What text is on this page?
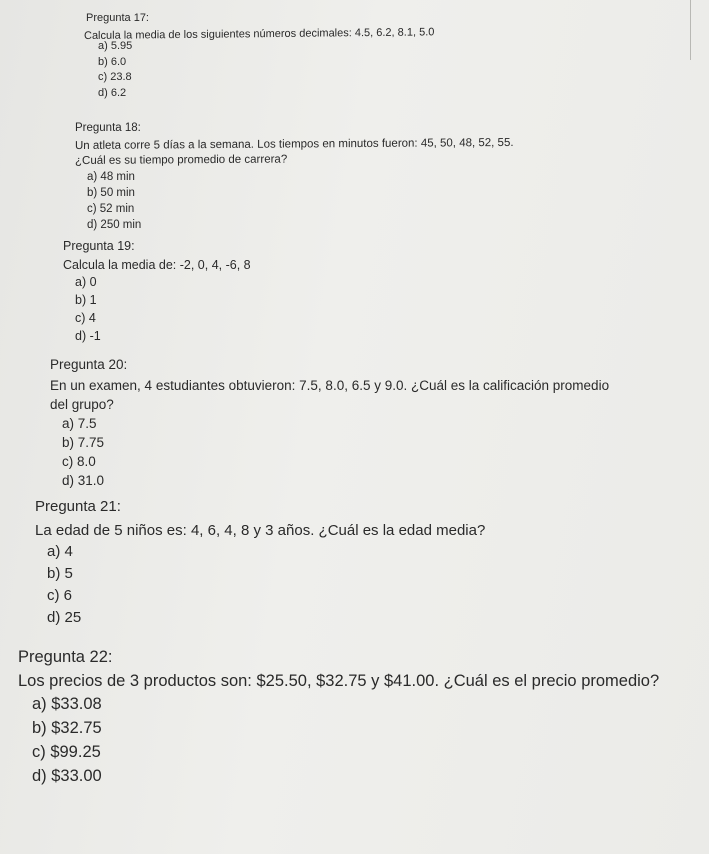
Pregunta 17:
Calcula la media de los siguientes números decimales: 4.5, 6.2, 8.1, 5.0
a) 5.95
b) 6.0
c) 23.8
d) 6.2
Pregunta 18:
Un atleta corre 5 días a la semana. Los tiempos en minutos fueron: 45, 50, 48, 52, 55.
¿Cuál es su tiempo promedio de carrera?
a) 48 min
b) 50 min
c) 52 min
d) 250 min
Pregunta 19:
Calcula la media de: -2, 0, 4, -6, 8
a) 0
b) 1
c) 4
d) -1
Pregunta 20:
En un examen, 4 estudiantes obtuvieron: 7.5, 8.0, 6.5 y 9.0. ¿Cuál es la calificación promedio del grupo?
a) 7.5
b) 7.75
c) 8.0
d) 31.0
Pregunta 21:
La edad de 5 niños es: 4, 6, 4, 8 y 3 años. ¿Cuál es la edad media?
a) 4
b) 5
c) 6
d) 25
Pregunta 22:
Los precios de 3 productos son: $25.50, $32.75 y $41.00. ¿Cuál es el precio promedio?
a) $33.08
b) $32.75
c) $99.25
d) $33.00
